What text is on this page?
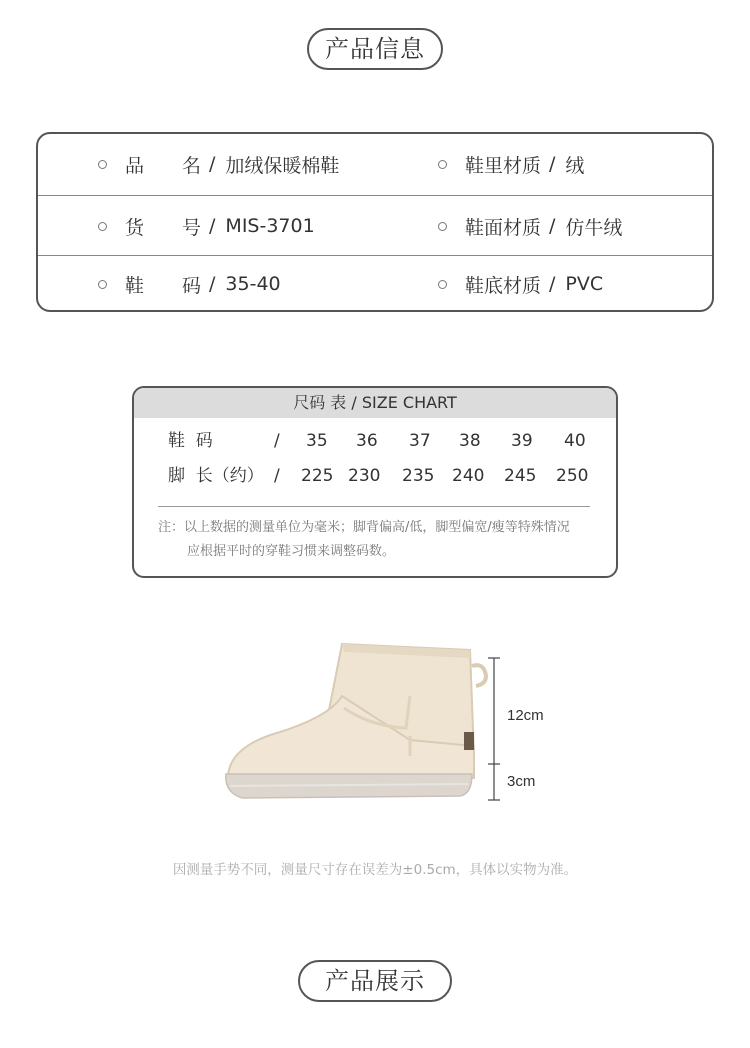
产品信息
品  名 / 加绒保暖棉鞋	鞋里材质 / 绒
货  号 / MIS-3701	鞋面材质 / 仿牛绒
鞋  码 / 35-40	鞋底材质 / PVC
尺码 表 / SIZE CHART
鞋  码	/ 35 36 37 38 39 40
脚  长（约） / 225 230 235 240 245 250
注：以上数据的测量单位为毫米；脚背偏高/低，脚型偏宽/瘦等特殊情况
应根据平时的穿鞋习惯来调整码数。
12cm
3cm
因测量手势不同，测量尺寸存在误差为±0.5cm，具体以实物为准。
产品展示
